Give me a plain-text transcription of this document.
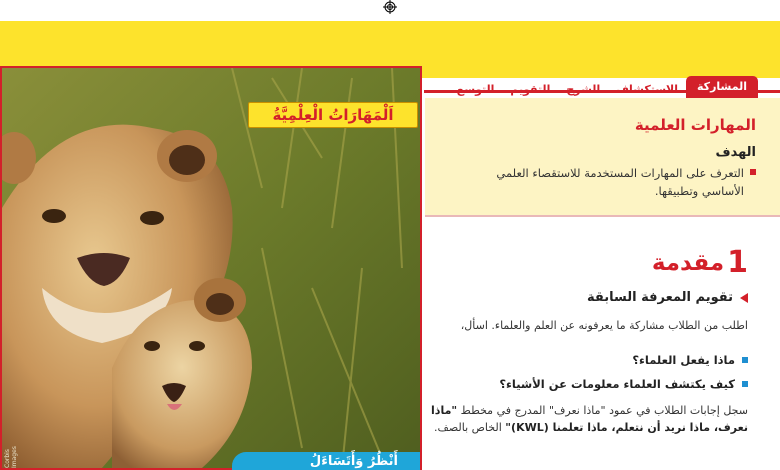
Corbis Images
اَلْمَهَارَاتُ الْعِلْمِيَّةُ
أَنْظُرُ وَأَتَسَاءَلُ
المشاركة
الاستكشاف
الشرح
التقويم
التوسع
المهارات العلمية
الهدف
التعرف على المهارات المستخدمة للاستقصاء العلمي
الأساسي وتطبيقها.
1
مقدمة
تقويم المعرفة السابقة
اطلب من الطلاب مشاركة ما يعرفونه عن العلم والعلماء. اسأل،
ماذا يفعل العلماء؟
كيف يكتشف العلماء معلومات عن الأشياء؟
سجل إجابات الطلاب في عمود "ماذا نعرف" المدرج في مخطط "ماذا نعرف، ماذا نريد أن نتعلم، ماذا تعلمنا (KWL)" الخاص بالصف.
